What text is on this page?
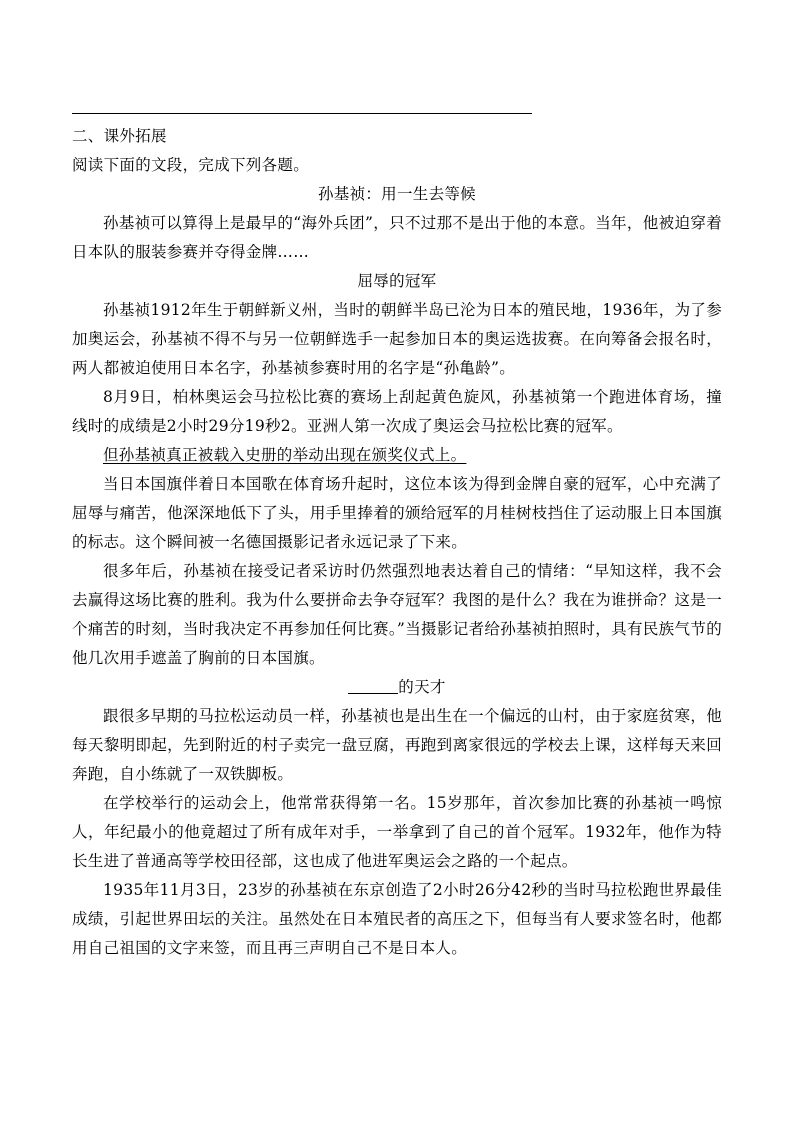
二、课外拓展

阅读下面的文段，完成下列各题。

孙基祯：用一生去等候

孙基祯可以算得上是最早的“海外兵团”，只不过那不是出于他的本意。当年，他被迫穿着日本队的服装参赛并夺得金牌……

屈辱的冠军

孙基祯1912年生于朝鲜新义州，当时的朝鲜半岛已沦为日本的殖民地，1936年，为了参加奥运会，孙基祯不得不与另一位朝鲜选手一起参加日本的奥运选拔赛。在向筹备会报名时，两人都被迫使用日本名字，孙基祯参赛时用的名字是“孙亀龄”。

8月9日，柏林奥运会马拉松比赛的赛场上刮起黄色旋风，孙基祯第一个跑进体育场，撞线时的成绩是2小时29分19秒2。亚洲人第一次成了奥运会马拉松比赛的冠军。

但孙基祯真正被载入史册的举动出现在颁奖仪式上。

当日本国旗伴着日本国歌在体育场升起时，这位本该为得到金牌自豪的冠军，心中充满了屈辱与痛苦，他深深地低下了头，用手里捧着的颁给冠军的月桂树枝挡住了运动服上日本国旗的标志。这个瞬间被一名德国摄影记者永远记录了下来。

很多年后，孙基祯在接受记者采访时仍然强烈地表达着自己的情绪：“早知这样，我不会去赢得这场比赛的胜利。我为什么要拼命去争夺冠军？我图的是什么？我在为谁拼命？这是一个痛苦的时刻，当时我决定不再参加任何比赛。”当摄影记者给孙基祯拍照时，具有民族气节的他几次用手遮盖了胸前的日本国旗。

的天才

跟很多早期的马拉松运动员一样，孙基祯也是出生在一个偏远的山村，由于家庭贫寒，他每天黎明即起，先到附近的村子卖完一盘豆腐，再跑到离家很远的学校去上课，这样每天来回奔跑，自小练就了一双铁脚板。

在学校举行的运动会上，他常常获得第一名。15岁那年，首次参加比赛的孙基祯一鸣惊人，年纪最小的他竟超过了所有成年对手，一举拿到了自己的首个冠军。1932年，他作为特长生进了普通高等学校田径部，这也成了他进军奥运会之路的一个起点。

1935年11月3日，23岁的孙基祯在东京创造了2小时26分42秒的当时马拉松跑世界最佳成绩，引起世界田坛的关注。虽然处在日本殖民者的高压之下，但每当有人要求签名时，他都用自己祖国的文字来签，而且再三声明自己不是日本人。
